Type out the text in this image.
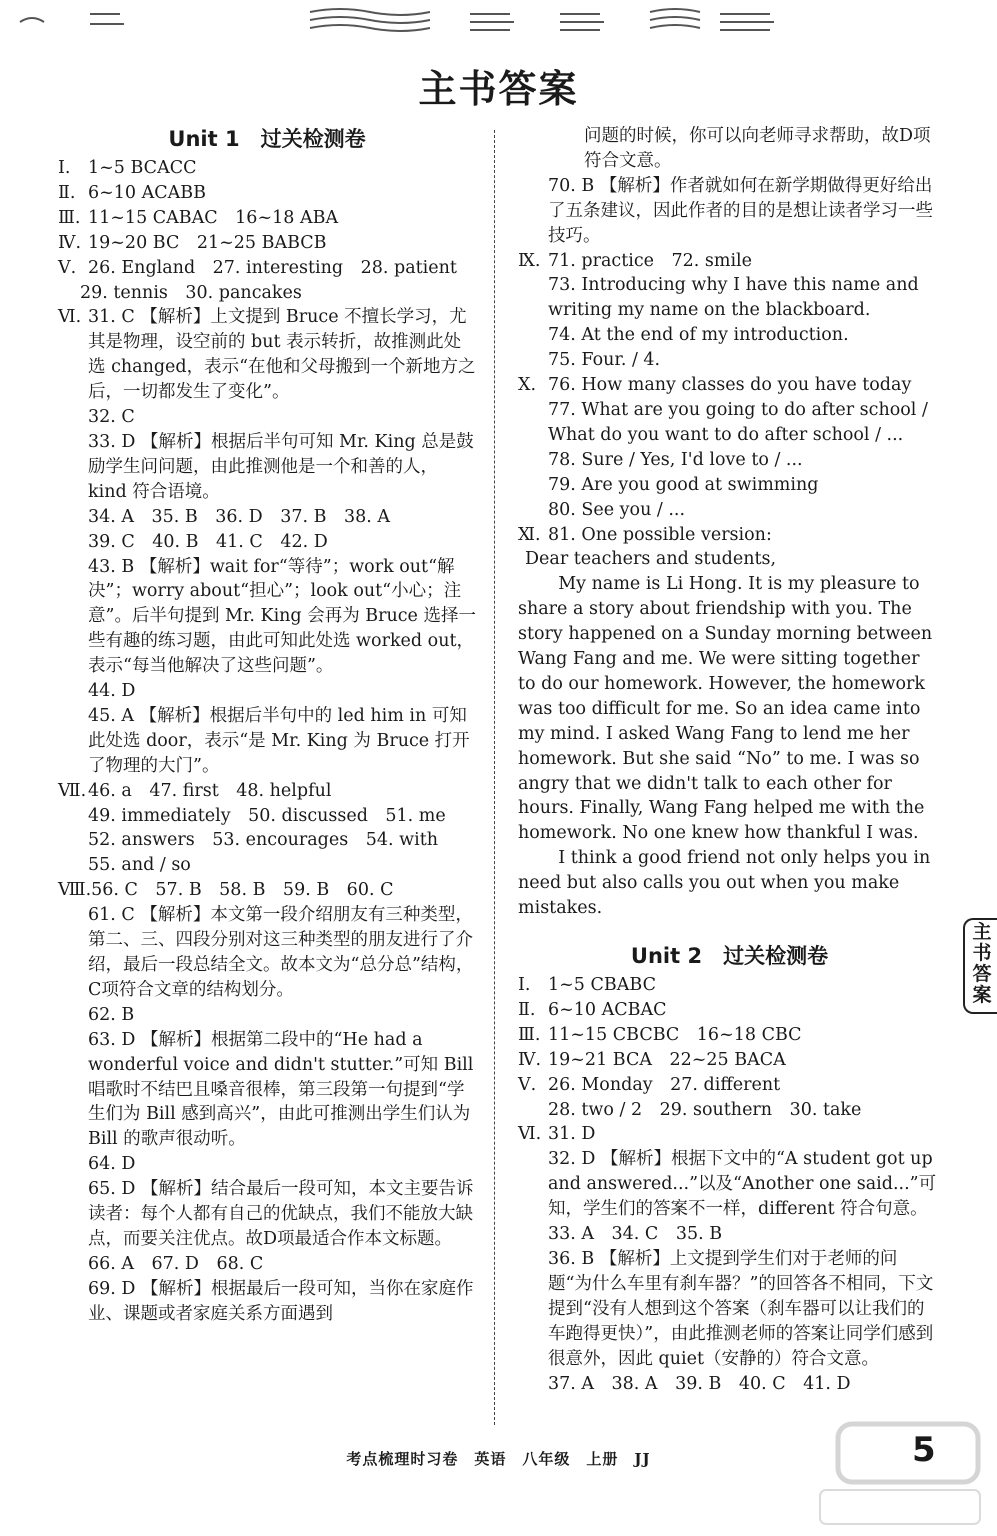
主书答案
Unit 1　过关检测卷
Ⅰ.	1~5 BCACC
Ⅱ. 6~10 ACABB
Ⅲ. 11~15 CABAC　16~18 ABA
Ⅳ. 19~20 BC　21~25 BABCB
Ⅴ. 26. England　27. interesting　28. patient
29. tennis　30. pancakes
Ⅵ. 31. C 【解析】上文提到 Bruce 不擅长学习，尤其是物理，设空前的 but 表示转折，故推测此处选 changed，表示“在他和父母搬到一个新地方之后，一切都发生了变化”。
32. C
33. D 【解析】根据后半句可知 Mr. King 总是鼓励学生问问题，由此推测他是一个和善的人，kind 符合语境。
34. A　35. B　36. D　37. B　38. A
39. C　40. B　41. C　42. D
43. B 【解析】wait for“等待”；work out“解决”；worry about“担心”；look out“小心；注意”。后半句提到 Mr. King 会再为 Bruce 选择一些有趣的练习题，由此可知此处选 worked out，表示“每当他解决了这些问题”。
44. D
45. A 【解析】根据后半句中的 led him in 可知此处选 door，表示“是 Mr. King 为 Bruce 打开了物理的大门”。
Ⅶ. 46. a　47. first　48. helpful
49. immediately　50. discussed　51. me
52. answers　53. encourages　54. with
55. and / so
Ⅷ. 56. C　57. B　58. B　59. B　60. C
61. C 【解析】本文第一段介绍朋友有三种类型，第二、三、四段分别对这三种类型的朋友进行了介绍，最后一段总结全文。故本文为“总分总”结构，C项符合文章的结构划分。
62. B
63. D 【解析】根据第二段中的“He had a wonderful voice and didn't stutter.”可知 Bill 唱歌时不结巴且嗓音很棒，第三段第一句提到“学生们为 Bill 感到高兴”，由此可推测出学生们认为 Bill 的歌声很动听。
64. D
65. D 【解析】结合最后一段可知，本文主要告诉读者：每个人都有自己的优缺点，我们不能放大缺点，而要关注优点。故D项最适合作本文标题。
66. A　67. D　68. C
69. D 【解析】根据最后一段可知，当你在家庭作业、课题或者家庭关系方面遇到
问题的时候，你可以向老师寻求帮助，故D项符合文意。
70. B 【解析】作者就如何在新学期做得更好给出了五条建议，因此作者的目的是想让读者学习一些技巧。
Ⅸ. 71. practice　72. smile
73. Introducing why I have this name and writing my name on the blackboard.
74. At the end of my introduction.
75. Four. / 4.
Ⅹ. 76. How many classes do you have today
77. What are you going to do after school / What do you want to do after school / ...
78. Sure / Yes, I'd love to / ...
79. Are you good at swimming
80. See you / ...
Ⅺ. 81. One possible version:

Dear teachers and students,

My name is Li Hong. It is my pleasure to share a story about friendship with you. The story happened on a Sunday morning between Wang Fang and me. We were sitting together to do our homework. However, the homework was too difficult for me. So an idea came into my mind. I asked Wang Fang to lend me her homework. But she said “No” to me. I was so angry that we didn't talk to each other for hours. Finally, Wang Fang helped me with the homework. No one knew how thankful I was.

I think a good friend not only helps you in need but also calls you out when you make mistakes.

Unit 2　过关检测卷
Ⅰ.	1~5 CBABC
Ⅱ. 6~10 ACBAC
Ⅲ. 11~15 CBCBC　16~18 CBC
Ⅳ. 19~21 BCA　22~25 BACA
Ⅴ. 26. Monday　27. different
28. two / 2　29. southern　30. take
Ⅵ. 31. D
32. D 【解析】根据下文中的“A student got up and answered...”以及“Another one said...”可知，学生们的答案不一样，different 符合句意。
33. A　34. C　35. B
36. B 【解析】上文提到学生们对于老师的问题“为什么车里有刹车器？”的回答各不相同，下文提到“没有人想到这个答案（刹车器可以让我们的车跑得更快）”，由此推测老师的答案让同学们感到很意外，因此 quiet（安静的）符合文意。
37. A　38. A　39. B　40. C　41. D
主书答案
考点梳理时习卷　英语　八年级　上册　JJ	5
